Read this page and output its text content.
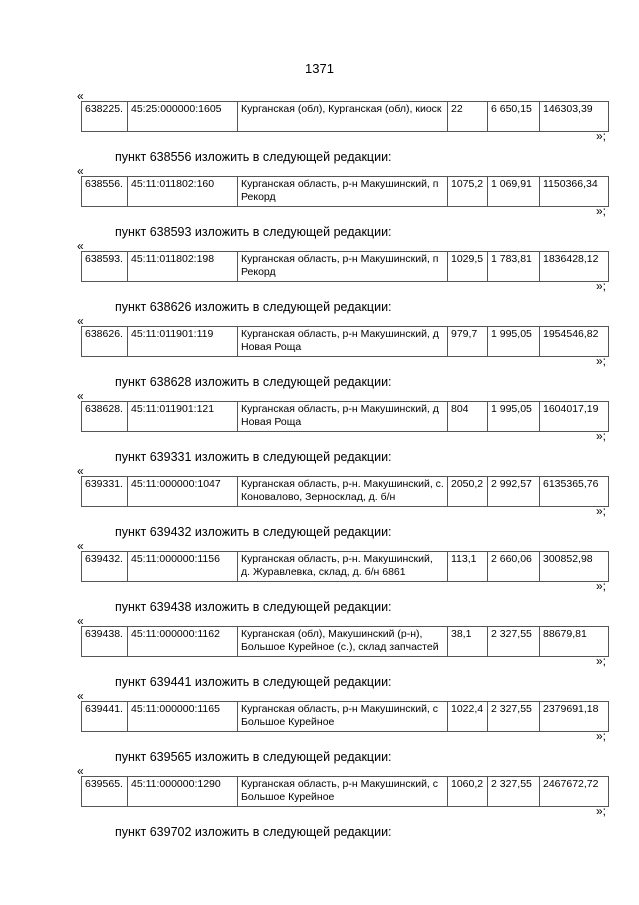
1371
«
638225.	45:25:000000:1605	Курганская (обл), Курганская (обл), киоск	22	6 650,15	146303,39
»;
пункт 638556 изложить в следующей редакции:
«
638556.	45:11:011802:160	Курганская область, р-н Макушинский, п Рекорд	1075,2	1 069,91	1150366,34
»;
пункт 638593 изложить в следующей редакции:
«
638593.	45:11:011802:198	Курганская область, р-н Макушинский, п Рекорд	1029,5	1 783,81	1836428,12
»;
пункт 638626 изложить в следующей редакции:
«
638626.	45:11:011901:119	Курганская область, р-н Макушинский, д Новая Роща	979,7	1 995,05	1954546,82
»;
пункт 638628 изложить в следующей редакции:
«
638628.	45:11:011901:121	Курганская область, р-н Макушинский, д Новая Роща	804	1 995,05	1604017,19
»;
пункт 639331 изложить в следующей редакции:
«
639331.	45:11:000000:1047	Курганская область, р-н. Макушинский, с. Коновалово, Зерносклад, д. б/н	2050,2	2 992,57	6135365,76
»;
пункт 639432 изложить в следующей редакции:
«
639432.	45:11:000000:1156	Курганская область, р-н. Макушинский, д. Журавлевка, склад, д. б/н 6861	113,1	2 660,06	300852,98
»;
пункт 639438 изложить в следующей редакции:
«
639438.	45:11:000000:1162	Курганская (обл), Макушинский (р-н), Большое Курейное (с.), склад запчастей	38,1	2 327,55	88679,81
»;
пункт 639441 изложить в следующей редакции:
«
639441.	45:11:000000:1165	Курганская область, р-н Макушинский, с Большое Курейное	1022,4	2 327,55	2379691,18
»;
пункт 639565 изложить в следующей редакции:
«
639565.	45:11:000000:1290	Курганская область, р-н Макушинский, с Большое Курейное	1060,2	2 327,55	2467672,72
»;
пункт 639702 изложить в следующей редакции:
